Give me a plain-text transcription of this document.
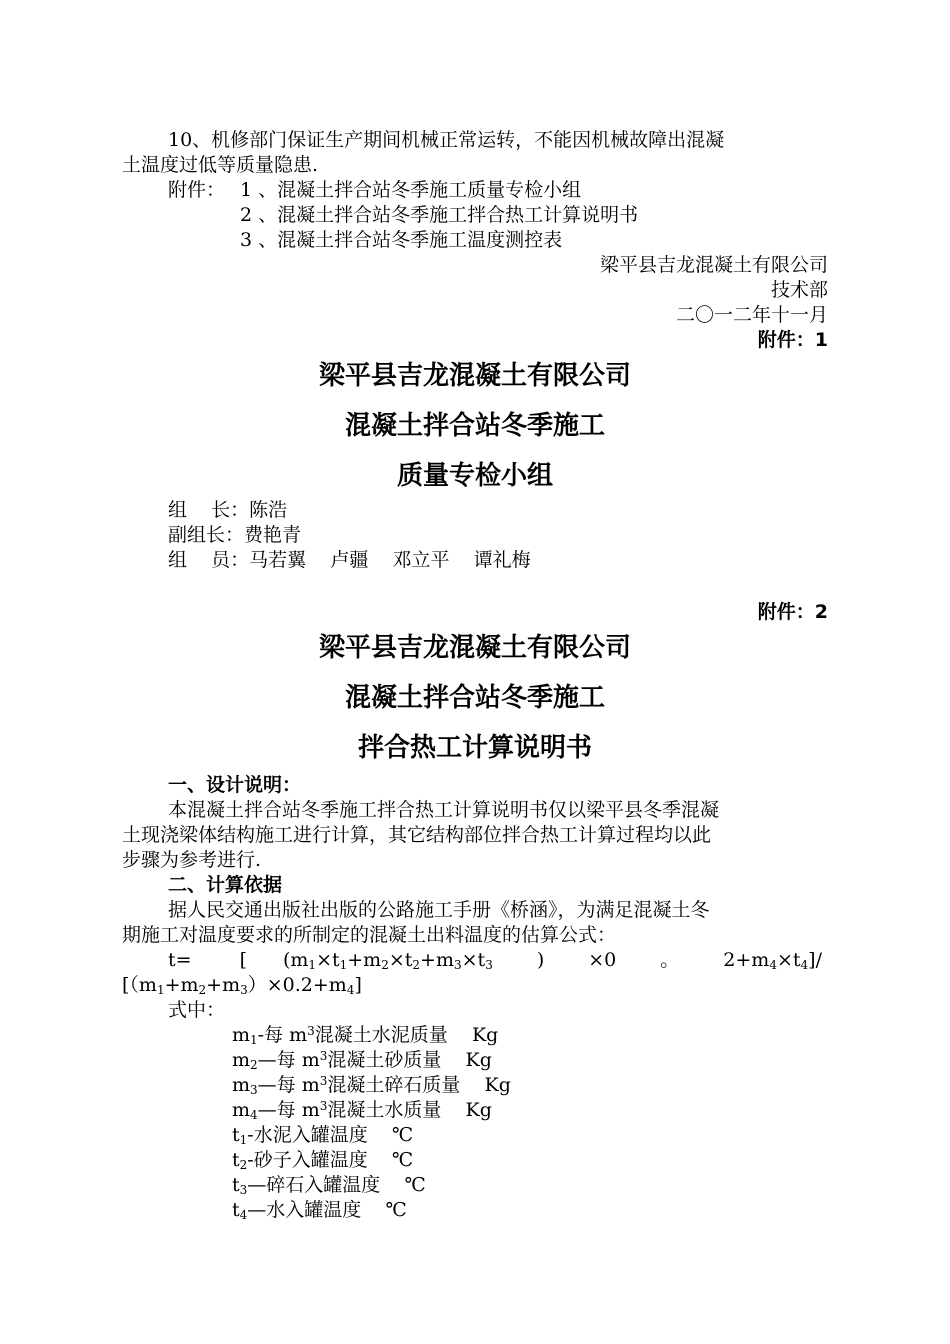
10、机修部门保证生产期间机械正常运转，不能因机械故障出混凝
土温度过低等质量隐患.
附件： 1 、混凝土拌合站冬季施工质量专检小组
2 、混凝土拌合站冬季施工拌合热工计算说明书
3 、混凝土拌合站冬季施工温度测控表
梁平县吉龙混凝土有限公司
技术部
二〇一二年十一月
附件：1
梁平县吉龙混凝土有限公司
混凝土拌合站冬季施工
质量专检小组
组    长：陈浩
副组长：费艳青
组    员：马若翼    卢疆    邓立平    谭礼梅
附件：2
梁平县吉龙混凝土有限公司
混凝土拌合站冬季施工
拌合热工计算说明书
一、设计说明：
本混凝土拌合站冬季施工拌合热工计算说明书仅以梁平县冬季混凝
土现浇梁体结构施工进行计算，其它结构部位拌合热工计算过程均以此
步骤为参考进行.
二、计算依据
据人民交通出版社出版的公路施工手册《桥涵》，为满足混凝土冬
期施工对温度要求的所制定的混凝土出料温度的估算公式：
t=	[ ($m_1\times t_1+m_2\times t_2+m_3\times t_3$ ) ×0 。 $2+m_4\times t_4]/$
$[(m_1+m_2+m_3)\times 0.2+m_4]$
式中：
$m_1-$每 $m^3$混凝土水泥质量    Kg
$m_2—$每 $m^3$混凝土砂质量    Kg
$m_3—$每 $m^3$混凝土碎石质量    Kg
$m_4—$每 $m^3$混凝土水质量    Kg
$t_1-$水泥入罐温度    ℃
$t_2-$砂子入罐温度    ℃
$t_3—$碎石入罐温度    ℃
$t_4—$水入罐温度    ℃
